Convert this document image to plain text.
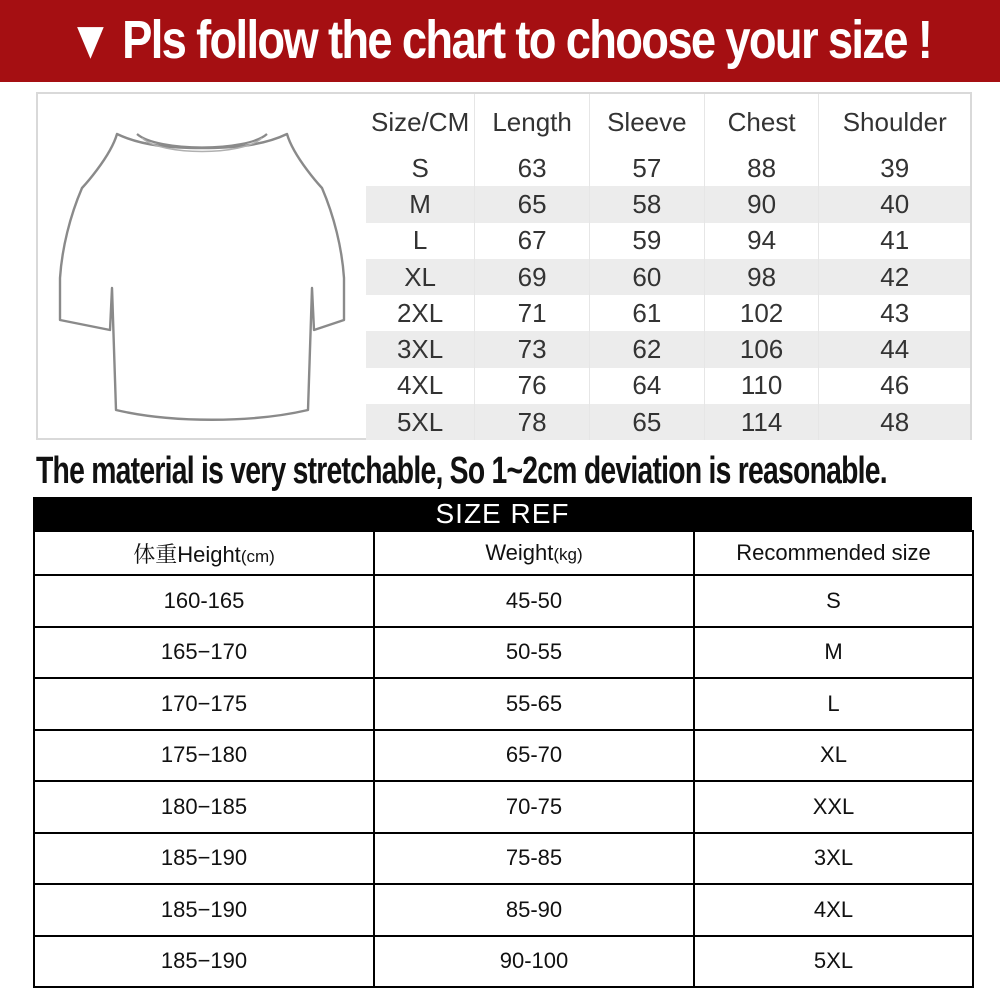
▼ Pls follow the chart to choose your size !
Size/CM	Length	Sleeve	Chest	Shoulder
S	63	57	88	39
M	65	58	90	40
L	67	59	94	41
XL	69	60	98	42
2XL	71	61	102	43
3XL	73	62	106	44
4XL	76	64	110	46
5XL	78	65	114	48
The material is very stretchable, So 1~2cm deviation is reasonable.
SIZE REF
体重Height(cm)	Weight(kg)	Recommended size
160-165	45-50	S
165−170	50-55	M
170−175	55-65	L
175−180	65-70	XL
180−185	70-75	XXL
185−190	75-85	3XL
185−190	85-90	4XL
185−190	90-100	5XL
